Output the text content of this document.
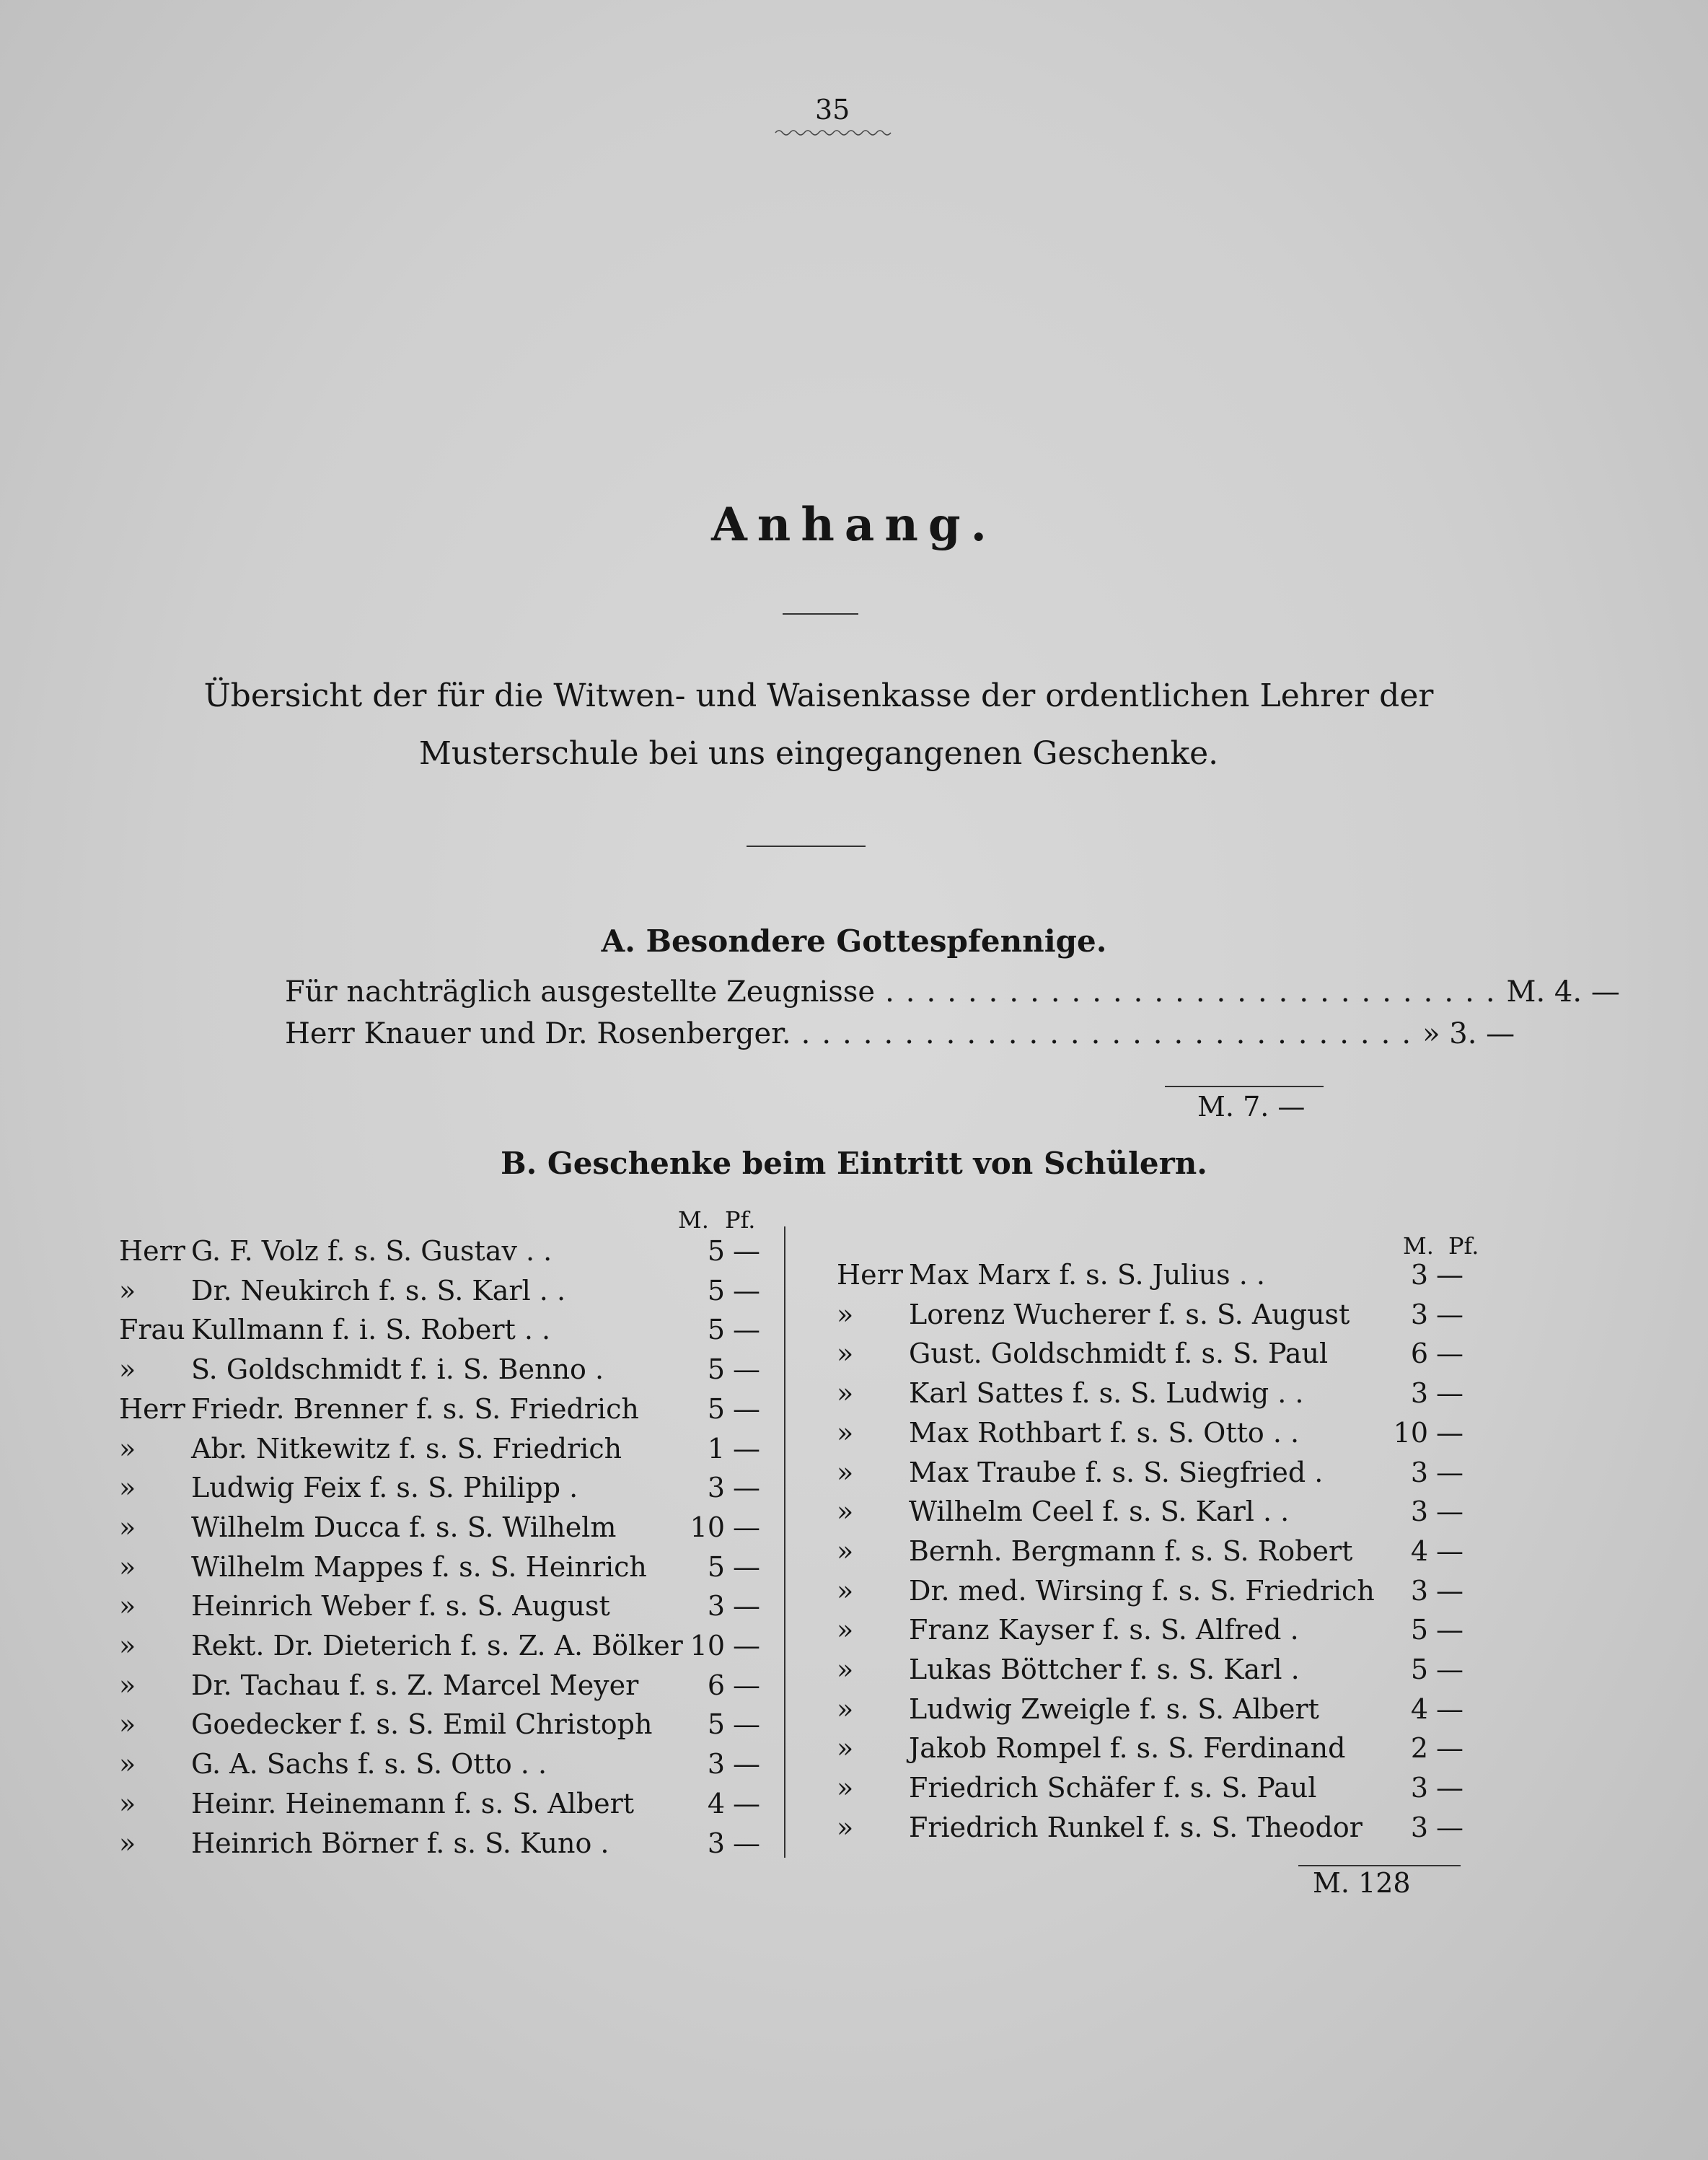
35
Anhang.
Übersicht der für die Witwen- und Waisenkasse der ordentlichen Lehrer der Musterschule bei uns eingegangenen Geschenke.
A. Besondere Gottespfennige.
Für nachträglich ausgestellte Zeugnisse .............................. M. 4. —
Herr Knauer und Dr. Rosenberger. .............................. » 3. —
M. 7. —
B. Geschenke beim Eintritt von Schülern.
M. Pf.
M. Pf.
Herr G. F. Volz f. s. S. Gustav . .	5 —
»	Dr. Neukirch f. s. S. Karl . .	5 —
Frau Kullmann f. i. S. Robert . .	5 —
»	S. Goldschmidt f. i. S. Benno .	5 —
Herr Friedr. Brenner f. s. S. Friedrich	5 —
»	Abr. Nitkewitz f. s. S. Friedrich	1 —
»	Ludwig Feix f. s. S. Philipp .	3 —
»	Wilhelm Ducca f. s. S. Wilhelm	10 —
»	Wilhelm Mappes f. s. S. Heinrich	5 —
»	Heinrich Weber f. s. S. August	3 —
»	Rekt. Dr. Dieterich f. s. Z. A. Bölker 10 —
»	Dr. Tachau f. s. Z. Marcel Meyer	6 —
»	Goedecker f. s. S. Emil Christoph	5 —
»	G. A. Sachs f. s. S. Otto . .	3 —
»	Heinr. Heinemann f. s. S. Albert	4 —
»	Heinrich Börner f. s. S. Kuno .	3 —
Herr Max Marx f. s. S. Julius . .	3 —
»	Lorenz Wucherer f. s. S. August	3 —
»	Gust. Goldschmidt f. s. S. Paul	6 —
»	Karl Sattes f. s. S. Ludwig . .	3 —
»	Max Rothbart f. s. S. Otto . .	10 —
»	Max Traube f. s. S. Siegfried .	3 —
»	Wilhelm Ceel f. s. S. Karl . .	3 —
»	Bernh. Bergmann f. s. S. Robert	4 —
»	Dr. med. Wirsing f. s. S. Friedrich	3 —
»	Franz Kayser f. s. S. Alfred .	5 —
»	Lukas Böttcher f. s. S. Karl .	5 —
»	Ludwig Zweigle f. s. S. Albert	4 —
»	Jakob Rompel f. s. S. Ferdinand	2 —
»	Friedrich Schäfer f. s. S. Paul	3 —
»	Friedrich Runkel f. s. S. Theodor	3 —
M. 128
